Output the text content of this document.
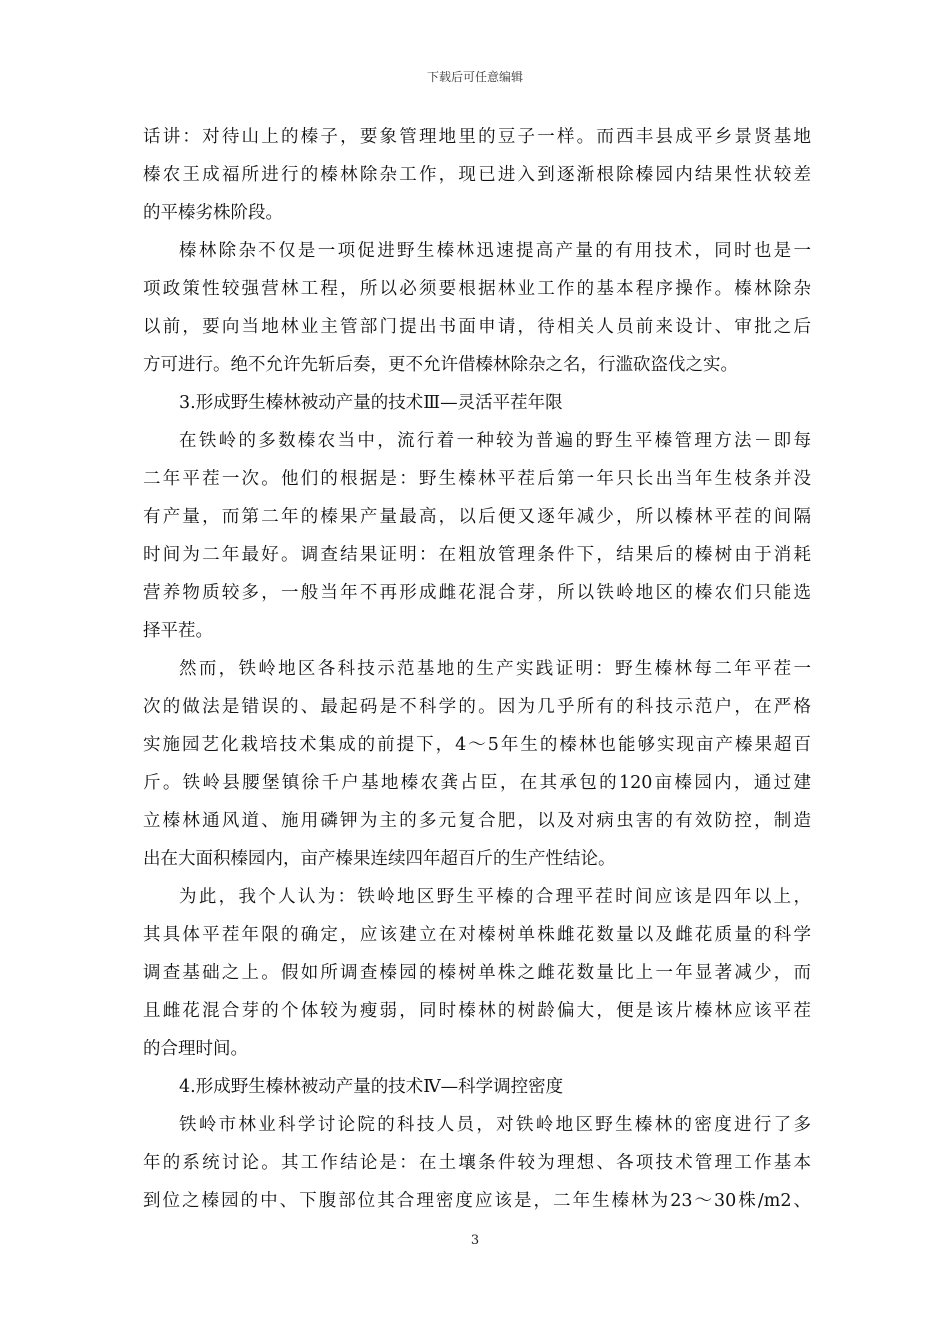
下载后可任意编辑
话讲：对待山上的榛子，要象管理地里的豆子一样。而西丰县成平乡景贤基地
榛农王成福所进行的榛林除杂工作，现已进入到逐渐根除榛园内结果性状较差
的平榛劣株阶段。
榛林除杂不仅是一项促进野生榛林迅速提高产量的有用技术，同时也是一
项政策性较强营林工程，所以必须要根据林业工作的基本程序操作。榛林除杂
以前，要向当地林业主管部门提出书面申请，待相关人员前来设计、审批之后
方可进行。绝不允许先斩后奏，更不允许借榛林除杂之名，行滥砍盗伐之实。
3.形成野生榛林被动产量的技术Ⅲ—灵活平茬年限
在铁岭的多数榛农当中，流行着一种较为普遍的野生平榛管理方法－即每
二年平茬一次。他们的根据是：野生榛林平茬后第一年只长出当年生枝条并没
有产量，而第二年的榛果产量最高，以后便又逐年减少，所以榛林平茬的间隔
时间为二年最好。调查结果证明：在粗放管理条件下，结果后的榛树由于消耗
营养物质较多，一般当年不再形成雌花混合芽，所以铁岭地区的榛农们只能选
择平茬。
然而，铁岭地区各科技示范基地的生产实践证明：野生榛林每二年平茬一
次的做法是错误的、最起码是不科学的。因为几乎所有的科技示范户，在严格
实施园艺化栽培技术集成的前提下，4～5年生的榛林也能够实现亩产榛果超百
斤。铁岭县腰堡镇徐千户基地榛农龚占臣，在其承包的120亩榛园内，通过建
立榛林通风道、施用磷钾为主的多元复合肥，以及对病虫害的有效防控，制造
出在大面积榛园内，亩产榛果连续四年超百斤的生产性结论。
为此，我个人认为：铁岭地区野生平榛的合理平茬时间应该是四年以上，
其具体平茬年限的确定，应该建立在对榛树单株雌花数量以及雌花质量的科学
调查基础之上。假如所调查榛园的榛树单株之雌花数量比上一年显著减少，而
且雌花混合芽的个体较为瘦弱，同时榛林的树龄偏大，便是该片榛林应该平茬
的合理时间。
4.形成野生榛林被动产量的技术Ⅳ—科学调控密度
铁岭市林业科学讨论院的科技人员，对铁岭地区野生榛林的密度进行了多
年的系统讨论。其工作结论是：在土壤条件较为理想、各项技术管理工作基本
到位之榛园的中、下腹部位其合理密度应该是，二年生榛林为23～30株/m2、
3
